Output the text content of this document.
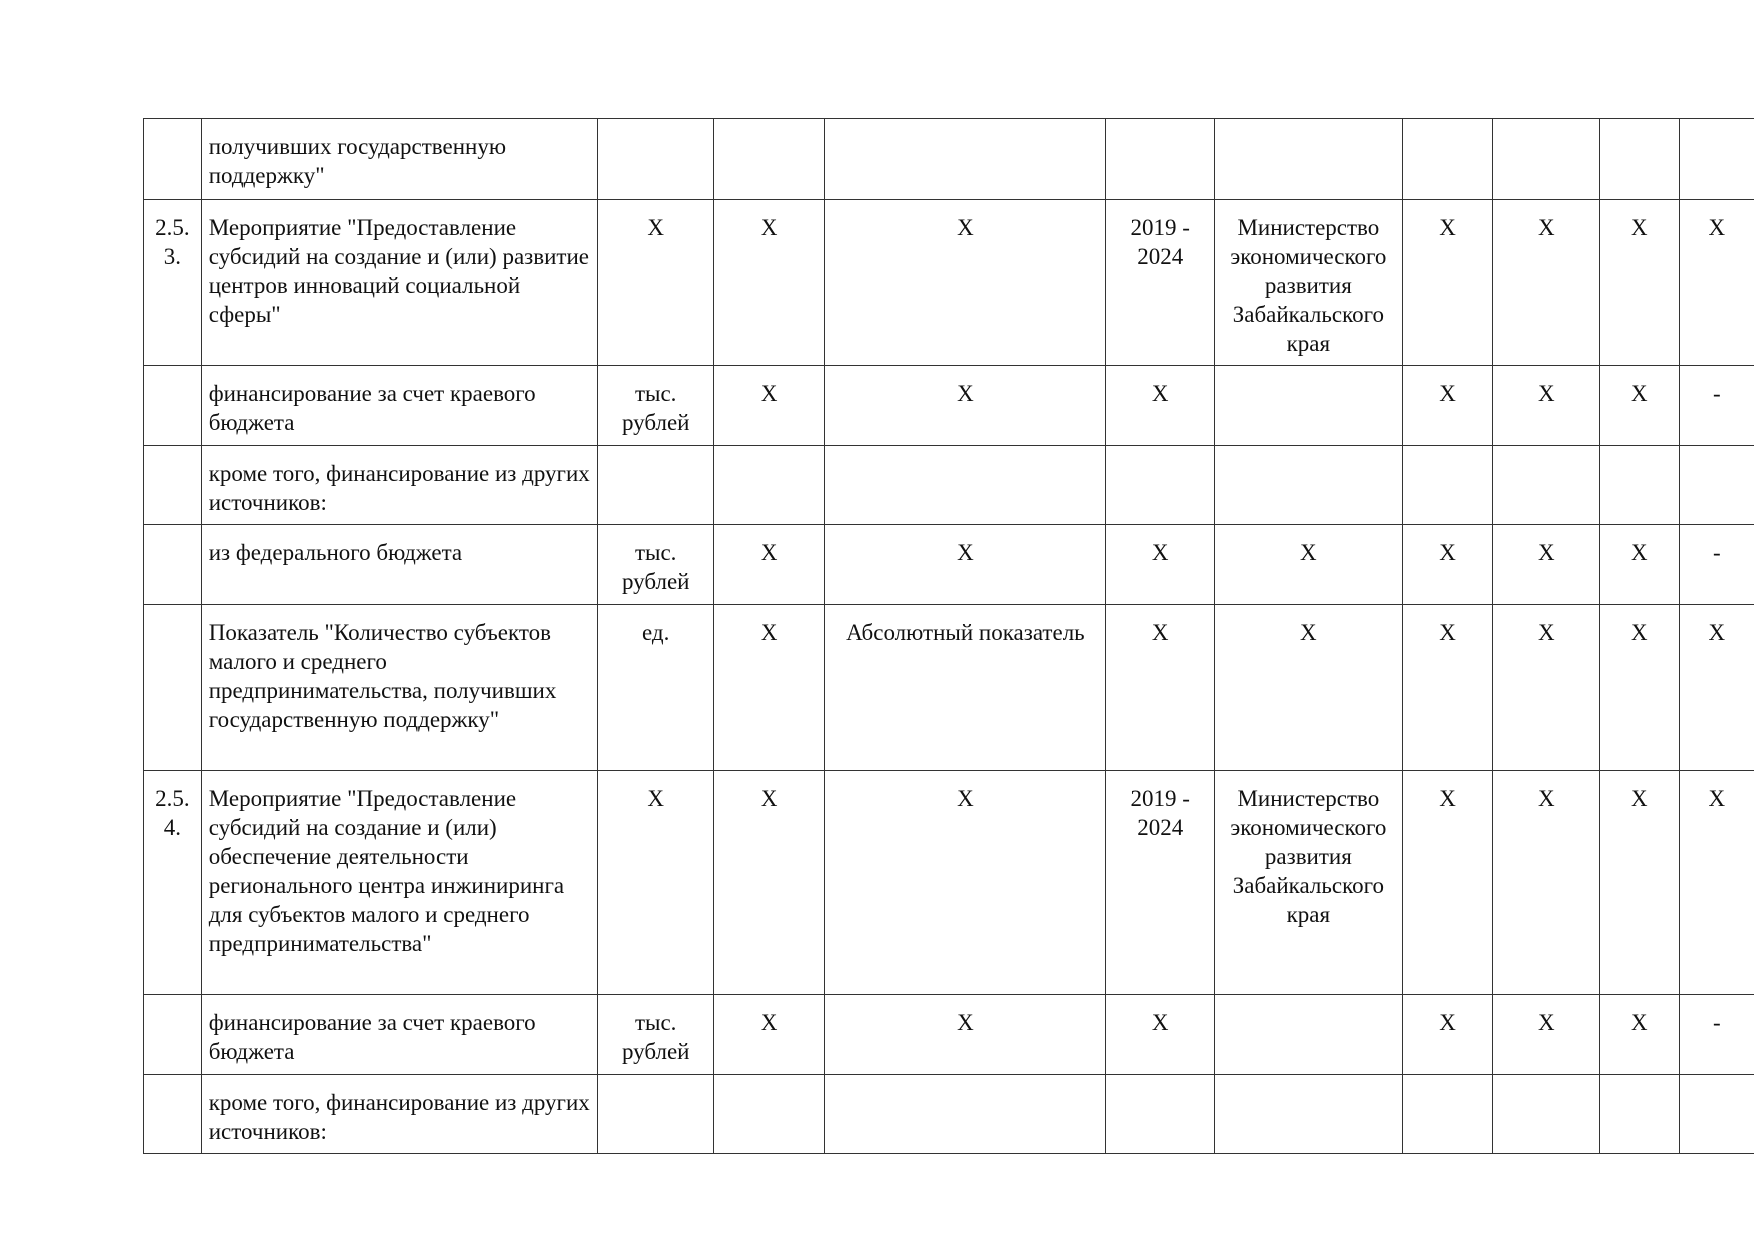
	получивших государственную поддержку"									
2.5. 3.	Мероприятие "Предоставление субсидий на создание и (или) развитие центров инноваций социальной сферы"	X	X	X	2019 - 2024	Министерство экономического развития Забайкальского края	X	X	X	X
	финансирование за счет краевого бюджета	тыс. рублей	X	X	X		X	X	X	-
	кроме того, финансирование из других источников:									
	из федерального бюджета	тыс. рублей	X	X	X	X	X	X	X	-
	Показатель "Количество субъектов малого и среднего предпринимательства, получивших государственную поддержку"	ед.	X	Абсолютный показатель	X	X	X	X	X	X
2.5. 4.	Мероприятие "Предоставление субсидий на создание и (или) обеспечение деятельности регионального центра инжиниринга для субъектов малого и среднего предпринимательства"	X	X	X	2019 - 2024	Министерство экономического развития Забайкальского края	X	X	X	X
	финансирование за счет краевого бюджета	тыс. рублей	X	X	X		X	X	X	-
	кроме того, финансирование из других источников:									
